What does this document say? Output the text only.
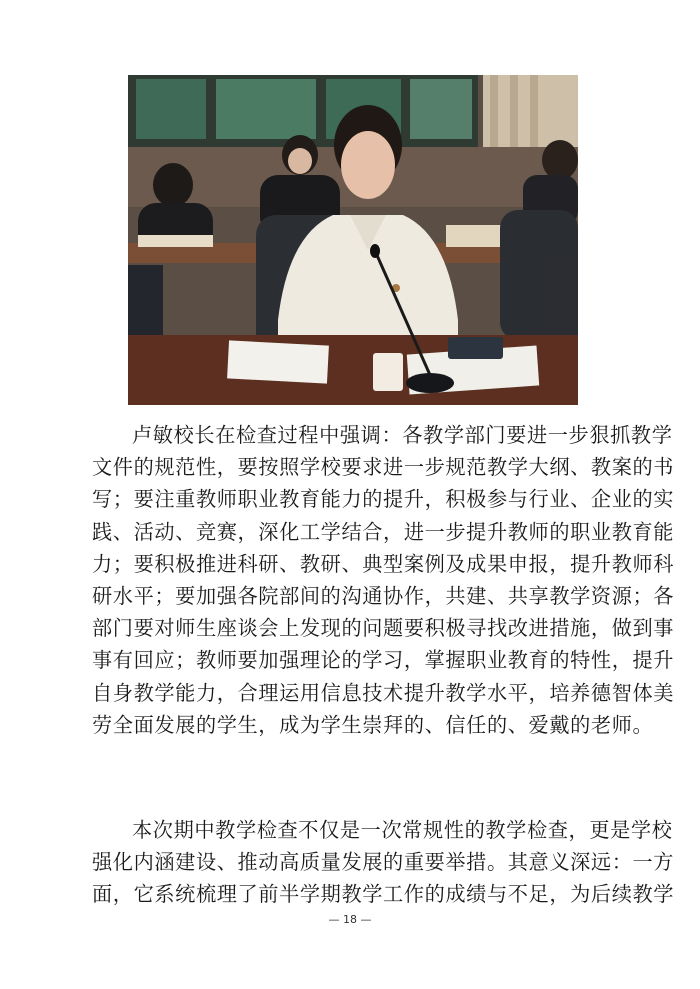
卢敏校长在检查过程中强调：各教学部门要进一步狠抓教学
文件的规范性，要按照学校要求进一步规范教学大纲、教案的书
写；要注重教师职业教育能力的提升，积极参与行业、企业的实
践、活动、竞赛，深化工学结合，进一步提升教师的职业教育能
力；要积极推进科研、教研、典型案例及成果申报，提升教师科
研水平；要加强各院部间的沟通协作，共建、共享教学资源；各
部门要对师生座谈会上发现的问题要积极寻找改进措施，做到事
事有回应；教师要加强理论的学习，掌握职业教育的特性，提升
自身教学能力，合理运用信息技术提升教学水平，培养德智体美
劳全面发展的学生，成为学生崇拜的、信任的、爱戴的老师。
本次期中教学检查不仅是一次常规性的教学检查，更是学校
强化内涵建设、推动高质量发展的重要举措。其意义深远：一方
面，它系统梳理了前半学期教学工作的成绩与不足，为后续教学
— 18 —
